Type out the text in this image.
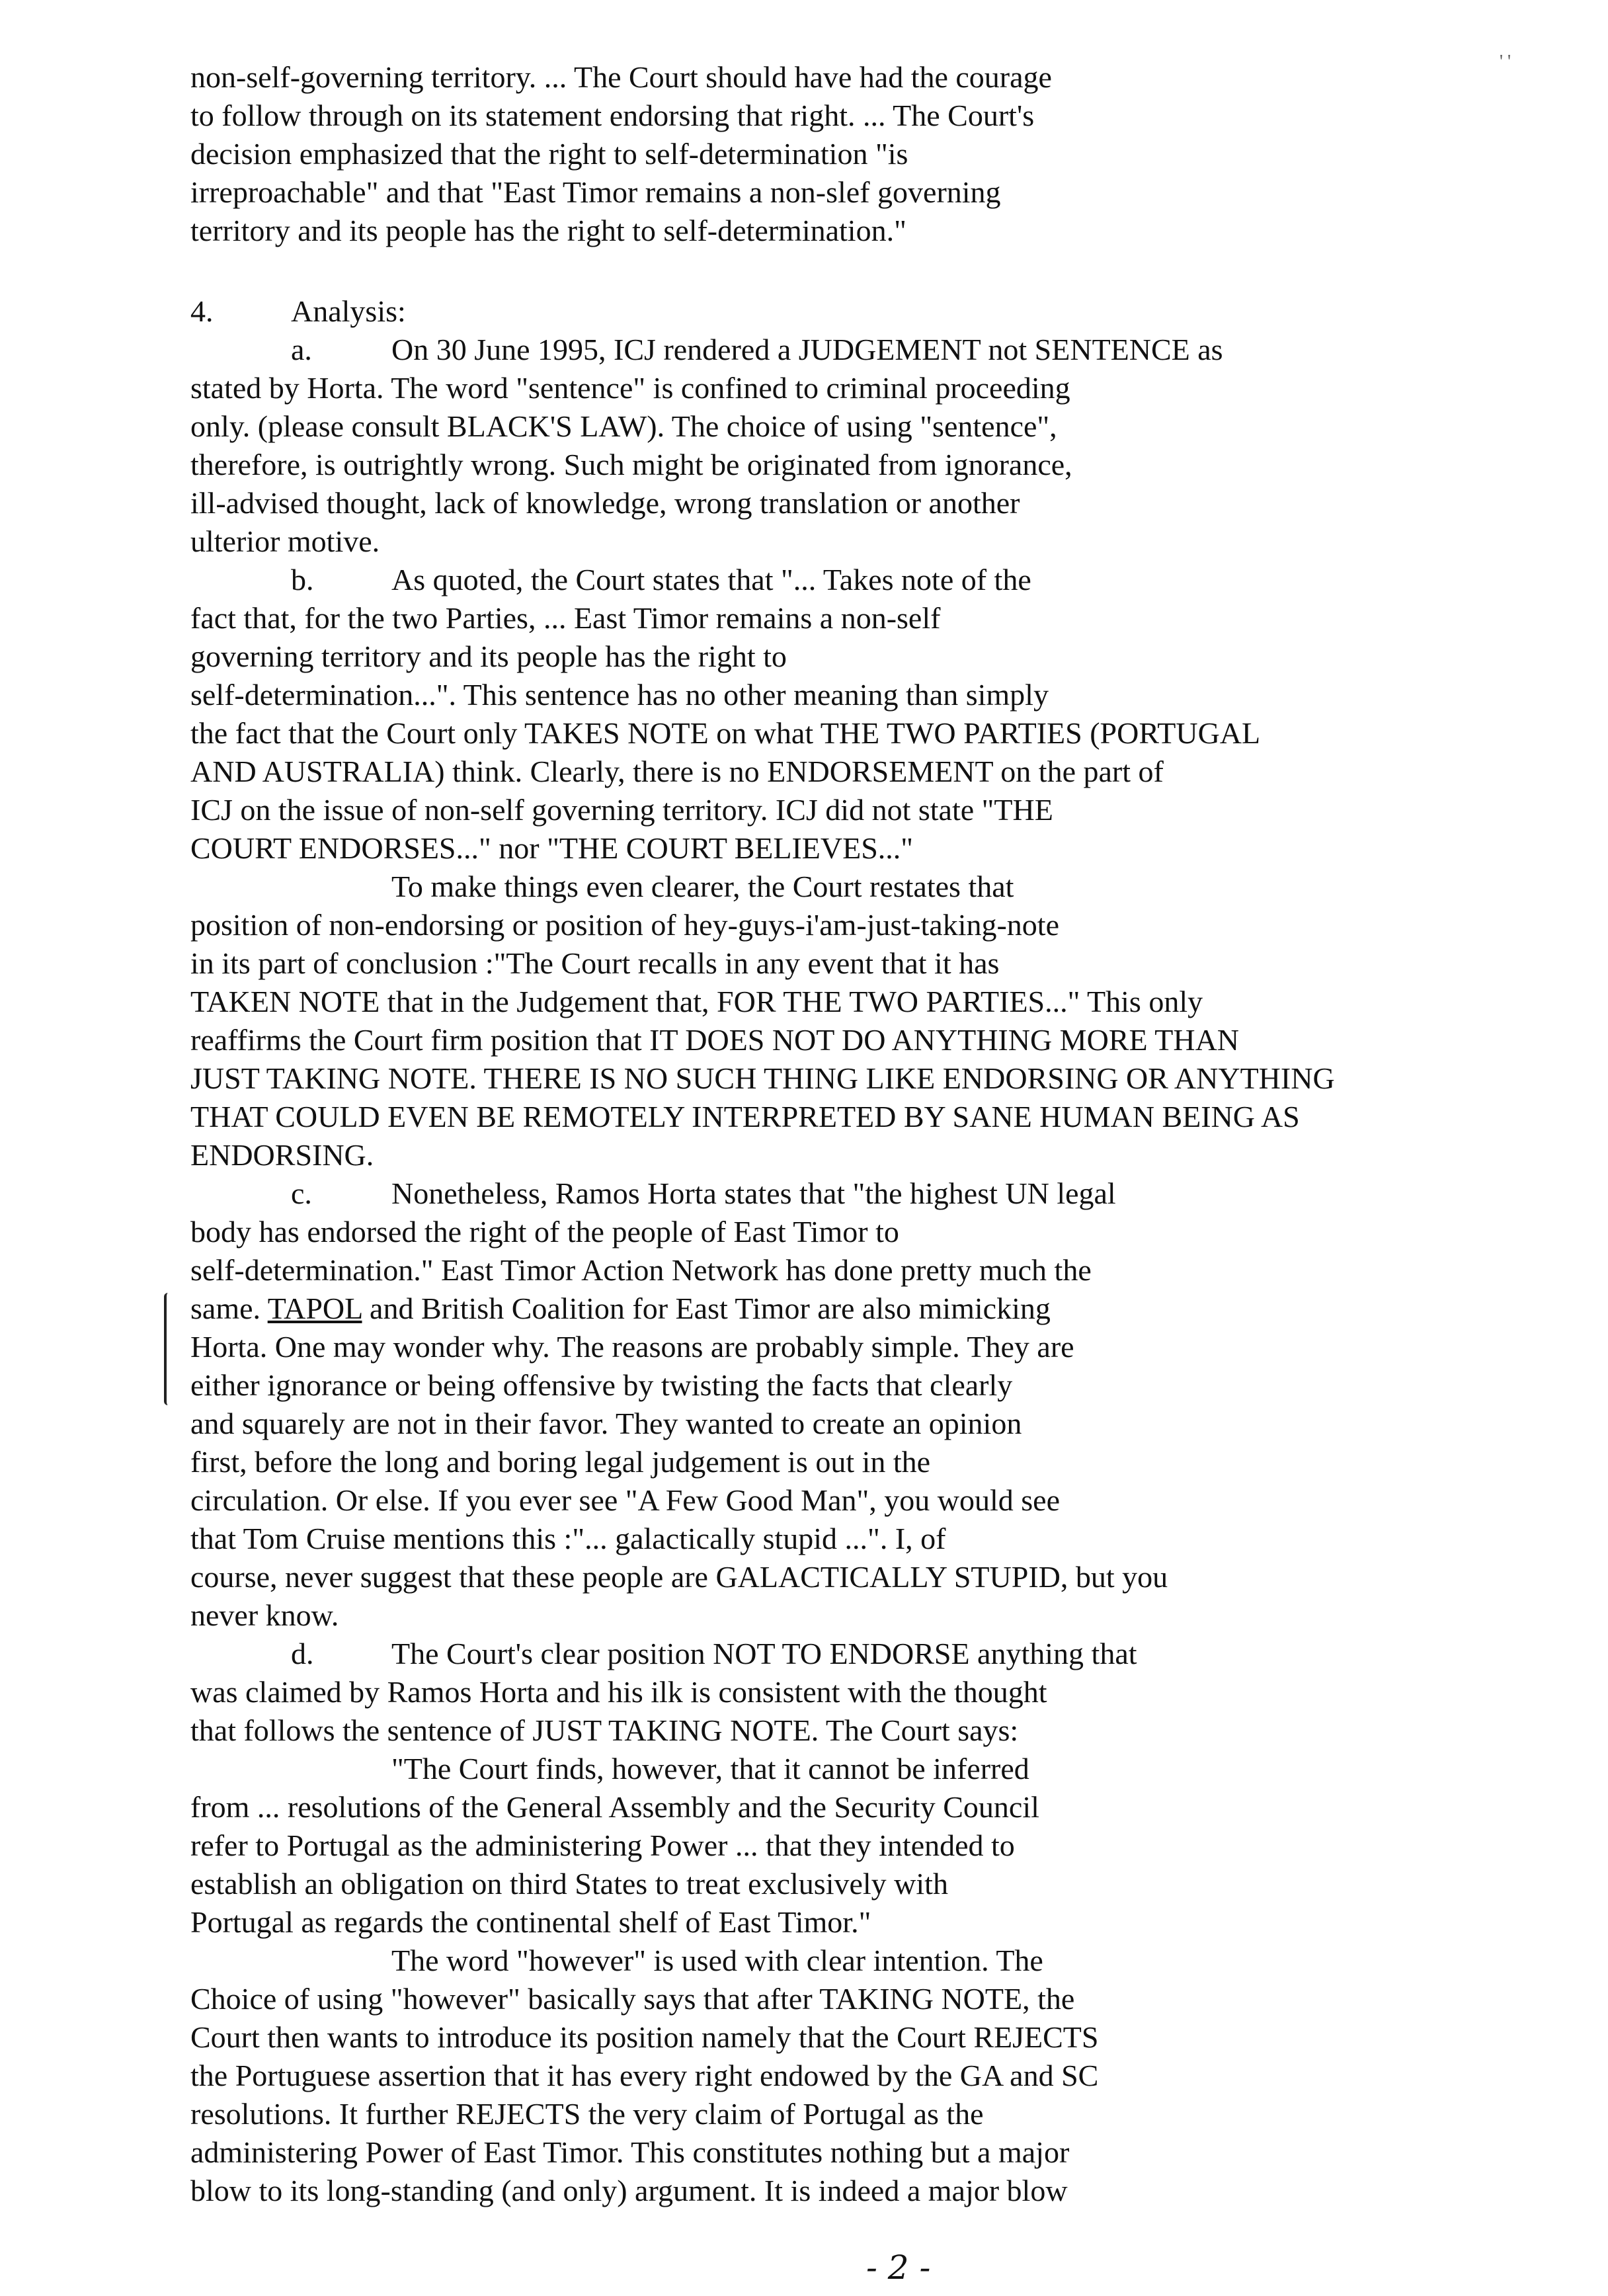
' '
non-self-governing territory. ... The Court should have had the courage
to follow through on its statement endorsing that right. ... The Court's
decision emphasized that the right to self-determination "is
irreproachable" and that "East Timor remains a non-slef governing
territory and its people has the right to self-determination."
4.	Analysis:
a.	On 30 June 1995, ICJ rendered a JUDGEMENT not SENTENCE as
stated by Horta. The word "sentence" is confined to criminal proceeding
only. (please consult BLACK'S LAW). The choice of using "sentence",
therefore, is outrightly wrong. Such might be originated from ignorance,
ill-advised thought, lack of knowledge, wrong translation or another
ulterior motive.
b.	As quoted, the Court states that "... Takes note of the
fact that, for the two Parties, ... East Timor remains a non-self
governing territory and its people has the right to
self-determination...". This sentence has no other meaning than simply
the fact that the Court only TAKES NOTE on what THE TWO PARTIES (PORTUGAL
AND AUSTRALIA) think. Clearly, there is no ENDORSEMENT on the part of
ICJ on the issue of non-self governing territory. ICJ did not state "THE
COURT ENDORSES..." nor "THE COURT BELIEVES..."
To make things even clearer, the Court restates that
position of non-endorsing or position of hey-guys-i'am-just-taking-note
in its part of conclusion :"The Court recalls in any event that it has
TAKEN NOTE that in the Judgement that, FOR THE TWO PARTIES..." This only
reaffirms the Court firm position that IT DOES NOT DO ANYTHING MORE THAN
JUST TAKING NOTE. THERE IS NO SUCH THING LIKE ENDORSING OR ANYTHING
THAT COULD EVEN BE REMOTELY INTERPRETED BY SANE HUMAN BEING AS
ENDORSING.
c.	Nonetheless, Ramos Horta states that "the highest UN legal
body has endorsed the right of the people of East Timor to
self-determination." East Timor Action Network has done pretty much the
same. TAPOL and British Coalition for East Timor are also mimicking
Horta. One may wonder why. The reasons are probably simple. They are
either ignorance or being offensive by twisting the facts that clearly
and squarely are not in their favor. They wanted to create an opinion
first, before the long and boring legal judgement is out in the
circulation. Or else. If you ever see "A Few Good Man", you would see
that Tom Cruise mentions this :"... galactically stupid ...". I, of
course, never suggest that these people are GALACTICALLY STUPID, but you
never know.
d.	The Court's clear position NOT TO ENDORSE anything that
was claimed by Ramos Horta and his ilk is consistent with the thought
that follows the sentence of JUST TAKING NOTE. The Court says:
"The Court finds, however, that it cannot be inferred
from ... resolutions of the General Assembly and the Security Council
refer to Portugal as the administering Power ... that they intended to
establish an obligation on third States to treat exclusively with
Portugal as regards the continental shelf of East Timor."
The word "however" is used with clear intention. The
Choice of using "however" basically says that after TAKING NOTE, the
Court then wants to introduce its position namely that the Court REJECTS
the Portuguese assertion that it has every right endowed by the GA and SC
resolutions. It further REJECTS the very claim of Portugal as the
administering Power of East Timor. This constitutes nothing but a major
blow to its long-standing (and only) argument. It is indeed a major blow
- 2 -
